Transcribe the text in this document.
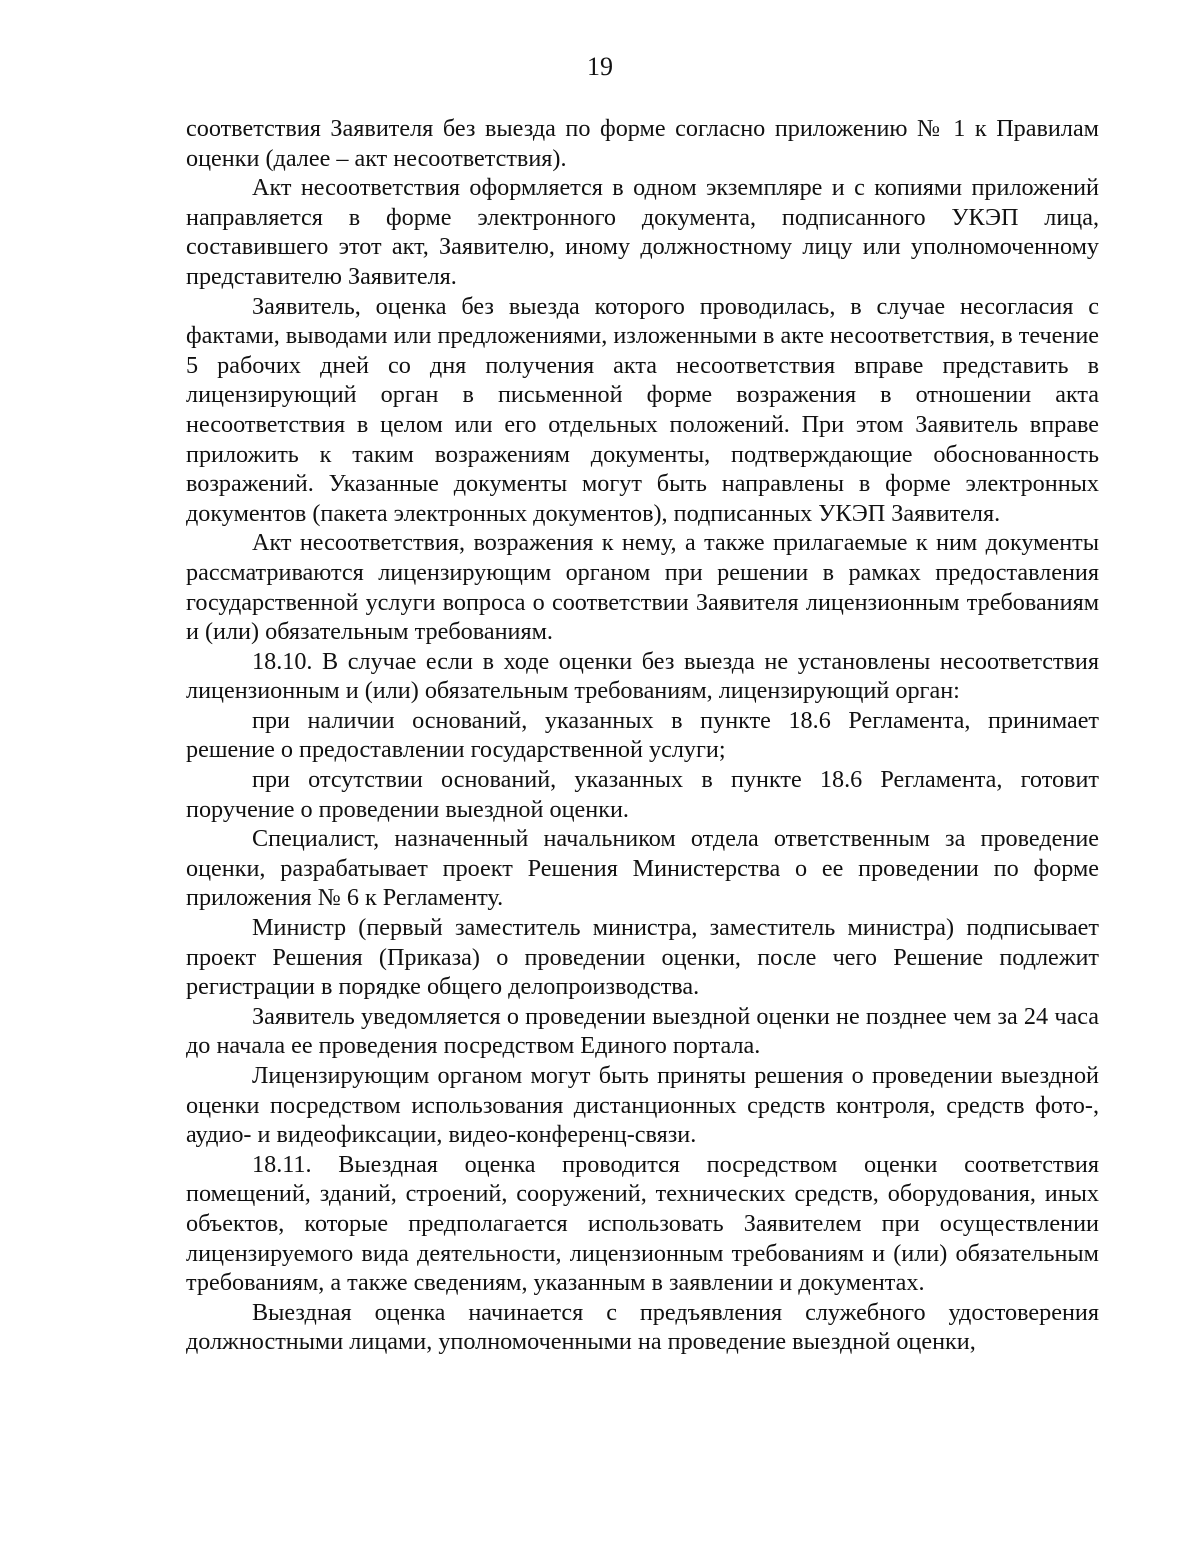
19

соответствия Заявителя без выезда по форме согласно приложению № 1 к Правилам оценки (далее – акт несоответствия).

Акт несоответствия оформляется в одном экземпляре и с копиями приложений направляется в форме электронного документа, подписанного УКЭП лица, составившего этот акт, Заявителю, иному должностному лицу или уполномоченному представителю Заявителя.

Заявитель, оценка без выезда которого проводилась, в случае несогласия с фактами, выводами или предложениями, изложенными в акте несоответствия, в течение 5 рабочих дней со дня получения акта несоответствия вправе представить в лицензирующий орган в письменной форме возражения в отношении акта несоответствия в целом или его отдельных положений. При этом Заявитель вправе приложить к таким возражениям документы, подтверждающие обоснованность возражений. Указанные документы могут быть направлены в форме электронных документов (пакета электронных документов), подписанных УКЭП Заявителя.

Акт несоответствия, возражения к нему, а также прилагаемые к ним документы рассматриваются лицензирующим органом при решении в рамках предоставления государственной услуги вопроса о соответствии Заявителя лицензионным требованиям и (или) обязательным требованиям.

18.10. В случае если в ходе оценки без выезда не установлены несоответствия лицензионным и (или) обязательным требованиям, лицензирующий орган:

при наличии оснований, указанных в пункте 18.6 Регламента, принимает решение о предоставлении государственной услуги;

при отсутствии оснований, указанных в пункте 18.6 Регламента, готовит поручение о проведении выездной оценки.

Специалист, назначенный начальником отдела ответственным за проведение оценки, разрабатывает проект Решения Министерства о ее проведении по форме приложения № 6 к Регламенту.

Министр (первый заместитель министра, заместитель министра) подписывает проект Решения (Приказа) о проведении оценки, после чего Решение подлежит регистрации в порядке общего делопроизводства.

Заявитель уведомляется о проведении выездной оценки не позднее чем за 24 часа до начала ее проведения посредством Единого портала.

Лицензирующим органом могут быть приняты решения о проведении выездной оценки посредством использования дистанционных средств контроля, средств фото-, аудио- и видеофиксации, видео-конференц-связи.

18.11. Выездная оценка проводится посредством оценки соответствия помещений, зданий, строений, сооружений, технических средств, оборудования, иных объектов, которые предполагается использовать Заявителем при осуществлении лицензируемого вида деятельности, лицензионным требованиям и (или) обязательным требованиям, а также сведениям, указанным в заявлении и документах.

Выездная оценка начинается с предъявления служебного удостоверения должностными лицами, уполномоченными на проведение выездной оценки,
